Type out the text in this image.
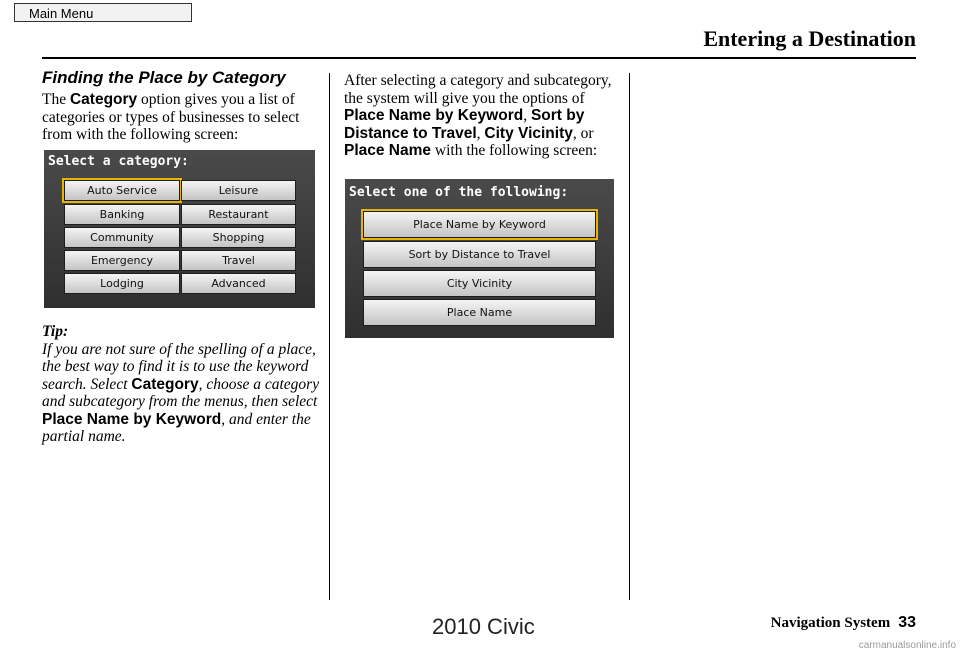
Main Menu
Entering a Destination
Finding the Place by Category
The Category option gives you a list of categories or types of businesses to select from with the following screen:
Select a category:
Auto Service	Leisure
Banking	Restaurant
Community	Shopping
Emergency	Travel
Lodging	Advanced
Tip:
If you are not sure of the spelling of a place, the best way to find it is to use the keyword search. Select Category, choose a category and subcategory from the menus, then select Place Name by Keyword, and enter the partial name.
After selecting a category and subcategory, the system will give you the options of Place Name by Keyword, Sort by Distance to Travel, City Vicinity, or Place Name with the following screen:
Select one of the following:
Place Name by Keyword
Sort by Distance to Travel
City Vicinity
Place Name
Navigation System 33
2010 Civic
carmanualsonline.info
